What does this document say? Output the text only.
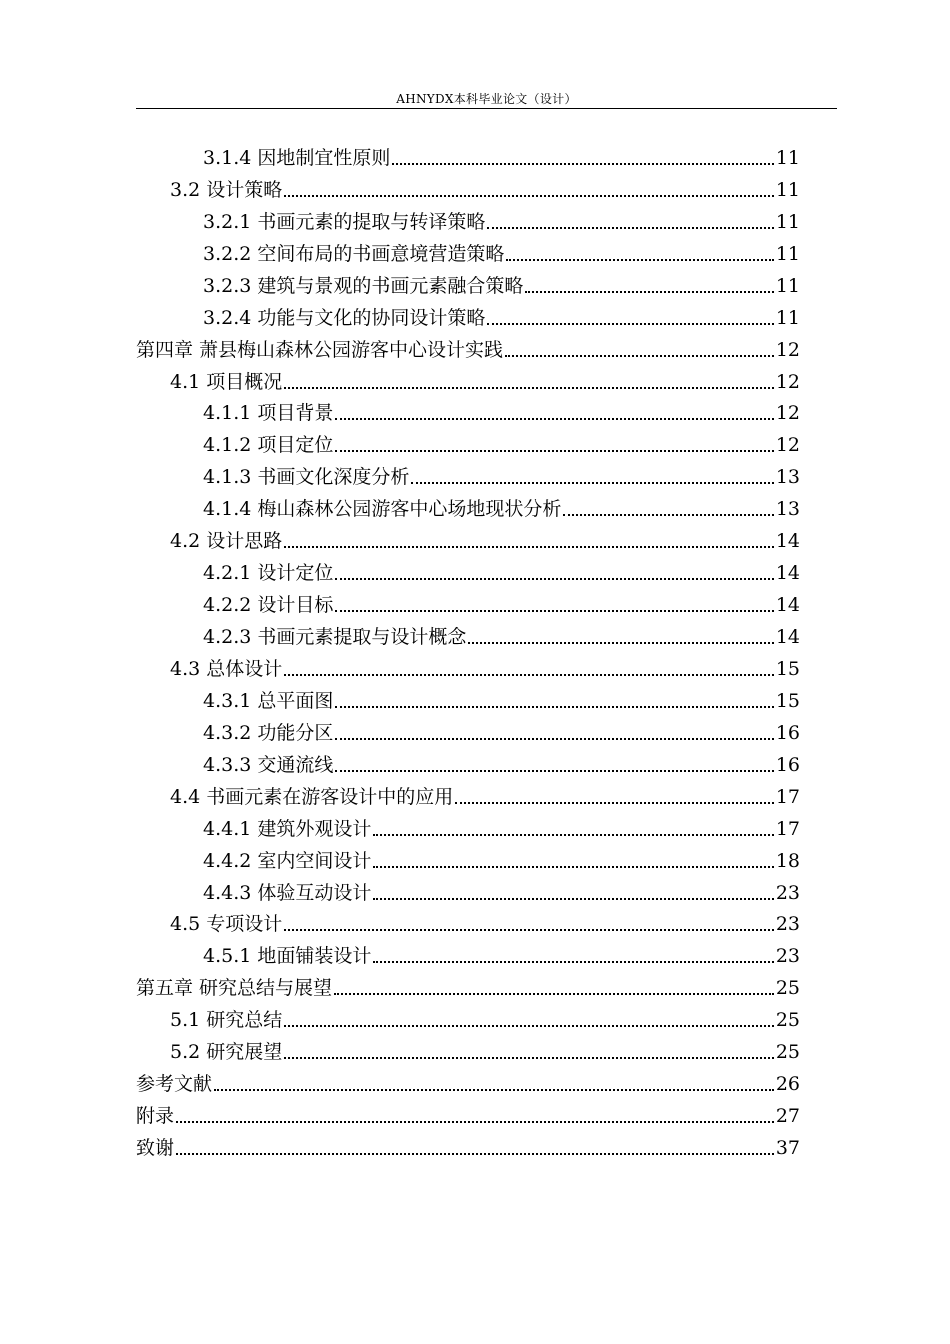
AHNYDX本科毕业论文（设计）
3.1.4 因地制宜性原则	11
3.2 设计策略	11
3.2.1 书画元素的提取与转译策略	11
3.2.2 空间布局的书画意境营造策略	11
3.2.3 建筑与景观的书画元素融合策略	11
3.2.4 功能与文化的协同设计策略	11
第四章 萧县梅山森林公园游客中心设计实践	12
4.1 项目概况	12
4.1.1 项目背景	12
4.1.2 项目定位	12
4.1.3 书画文化深度分析	13
4.1.4 梅山森林公园游客中心场地现状分析	13
4.2 设计思路	14
4.2.1 设计定位	14
4.2.2 设计目标	14
4.2.3 书画元素提取与设计概念	14
4.3 总体设计	15
4.3.1 总平面图	15
4.3.2 功能分区	16
4.3.3 交通流线	16
4.4 书画元素在游客设计中的应用	17
4.4.1 建筑外观设计	17
4.4.2 室内空间设计	18
4.4.3 体验互动设计	23
4.5 专项设计	23
4.5.1 地面铺装设计	23
第五章 研究总结与展望	25
5.1 研究总结	25
5.2 研究展望	25
参考文献	26
附录	27
致谢	37
